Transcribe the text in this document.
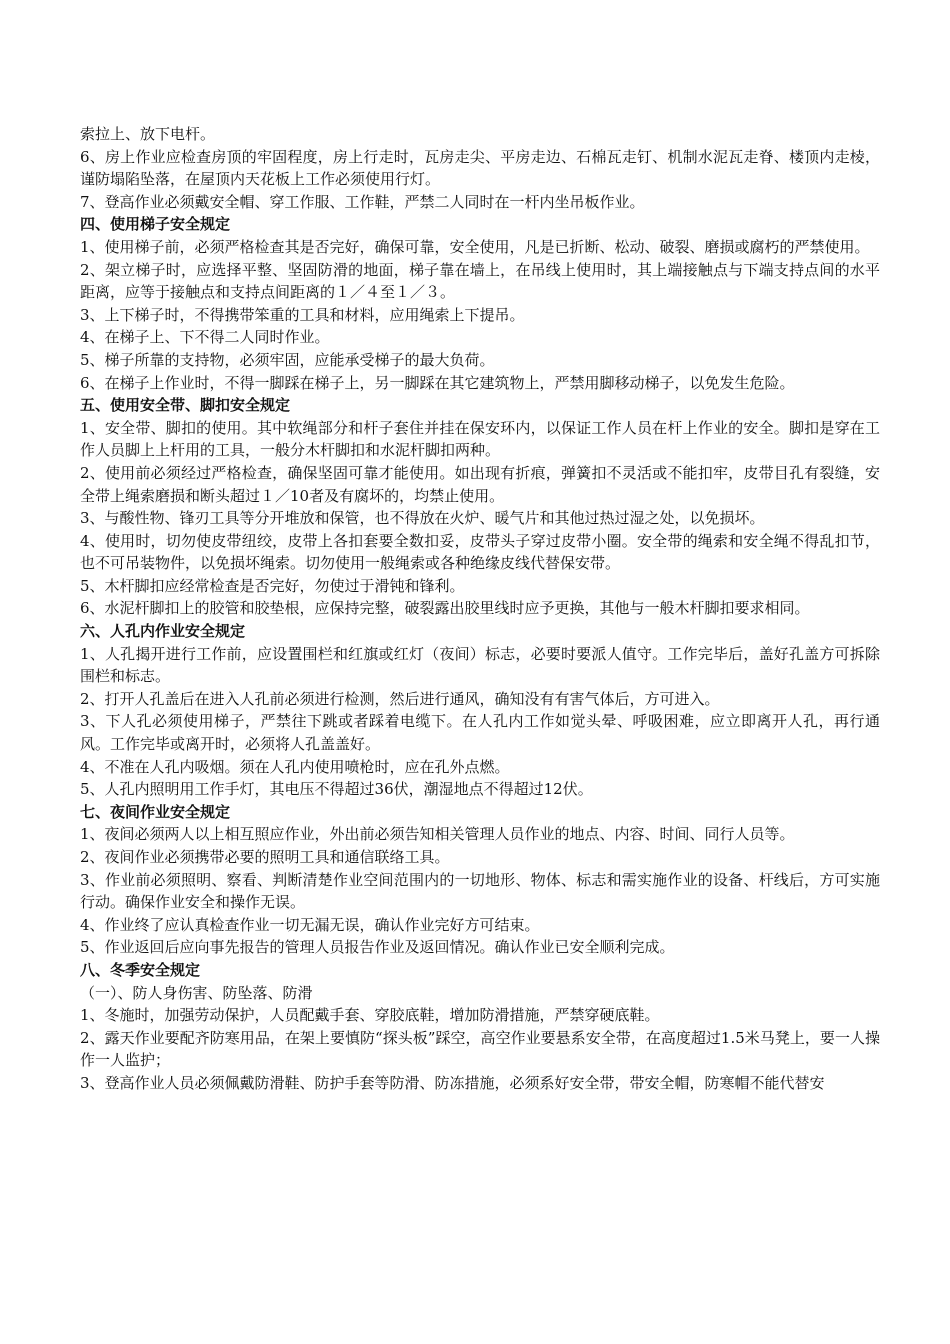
索拉上、放下电杆。

6、房上作业应检查房顶的牢固程度，房上行走时，瓦房走尖、平房走边、石棉瓦走钉、机制水泥瓦走脊、楼顶内走棱，谨防塌陷坠落，在屋顶内天花板上工作必须使用行灯。

7、登高作业必须戴安全帽、穿工作服、工作鞋，严禁二人同时在一杆内坐吊板作业。

四、使用梯子安全规定

1、使用梯子前，必须严格检查其是否完好，确保可靠，安全使用，凡是已折断、松动、破裂、磨损或腐朽的严禁使用。

2、架立梯子时，应选择平整、坚固防滑的地面，梯子靠在墙上，在吊线上使用时，其上端接触点与下端支持点间的水平距离，应等于接触点和支持点间距离的１／４至１／３。

3、上下梯子时，不得携带笨重的工具和材料，应用绳索上下提吊。

4、在梯子上、下不得二人同时作业。

5、梯子所靠的支持物，必须牢固，应能承受梯子的最大负荷。

6、在梯子上作业时，不得一脚踩在梯子上，另一脚踩在其它建筑物上，严禁用脚移动梯子，以免发生危险。

五、使用安全带、脚扣安全规定

1、安全带、脚扣的使用。其中软绳部分和杆子套住并挂在保安环内，以保证工作人员在杆上作业的安全。脚扣是穿在工作人员脚上上杆用的工具，一般分木杆脚扣和水泥杆脚扣两种。

2、使用前必须经过严格检查，确保坚固可靠才能使用。如出现有折痕，弹簧扣不灵活或不能扣牢，皮带目孔有裂缝，安全带上绳索磨损和断头超过１／10者及有腐坏的，均禁止使用。

3、与酸性物、锋刃工具等分开堆放和保管，也不得放在火炉、暖气片和其他过热过湿之处，以免损坏。

4、使用时，切勿使皮带纽绞，皮带上各扣套要全数扣妥，皮带头子穿过皮带小圈。安全带的绳索和安全绳不得乱扣节，也不可吊装物件，以免损坏绳索。切勿使用一般绳索或各种绝缘皮线代替保安带。

5、木杆脚扣应经常检查是否完好，勿使过于滑钝和锋利。

6、水泥杆脚扣上的胶管和胶垫根，应保持完整，破裂露出胶里线时应予更换，其他与一般木杆脚扣要求相同。

六、人孔内作业安全规定

1、人孔揭开进行工作前，应设置围栏和红旗或红灯（夜间）标志，必要时要派人值守。工作完毕后，盖好孔盖方可拆除围栏和标志。

2、打开人孔盖后在进入人孔前必须进行检测，然后进行通风，确知没有有害气体后，方可进入。

3、下人孔必须使用梯子，严禁往下跳或者踩着电缆下。在人孔内工作如觉头晕、呼吸困难，应立即离开人孔，再行通风。工作完毕或离开时，必须将人孔盖盖好。

4、不准在人孔内吸烟。须在人孔内使用喷枪时，应在孔外点燃。

5、人孔内照明用工作手灯，其电压不得超过36伏，潮湿地点不得超过12伏。

七、夜间作业安全规定

1、夜间必须两人以上相互照应作业，外出前必须告知相关管理人员作业的地点、内容、时间、同行人员等。

2、夜间作业必须携带必要的照明工具和通信联络工具。

3、作业前必须照明、察看、判断清楚作业空间范围内的一切地形、物体、标志和需实施作业的设备、杆线后，方可实施行动。确保作业安全和操作无误。

4、作业终了应认真检查作业一切无漏无误，确认作业完好方可结束。

5、作业返回后应向事先报告的管理人员报告作业及返回情况。确认作业已安全顺利完成。

八、冬季安全规定

（一）、防人身伤害、防坠落、防滑

1、冬施时，加强劳动保护，人员配戴手套、穿胶底鞋，增加防滑措施，严禁穿硬底鞋。

2、露天作业要配齐防寒用品，在架上要慎防“探头板”踩空，高空作业要悬系安全带，在高度超过1.5米马凳上，要一人操作一人监护；

3、登高作业人员必须佩戴防滑鞋、防护手套等防滑、防冻措施，必须系好安全带，带安全帽，防寒帽不能代替安
